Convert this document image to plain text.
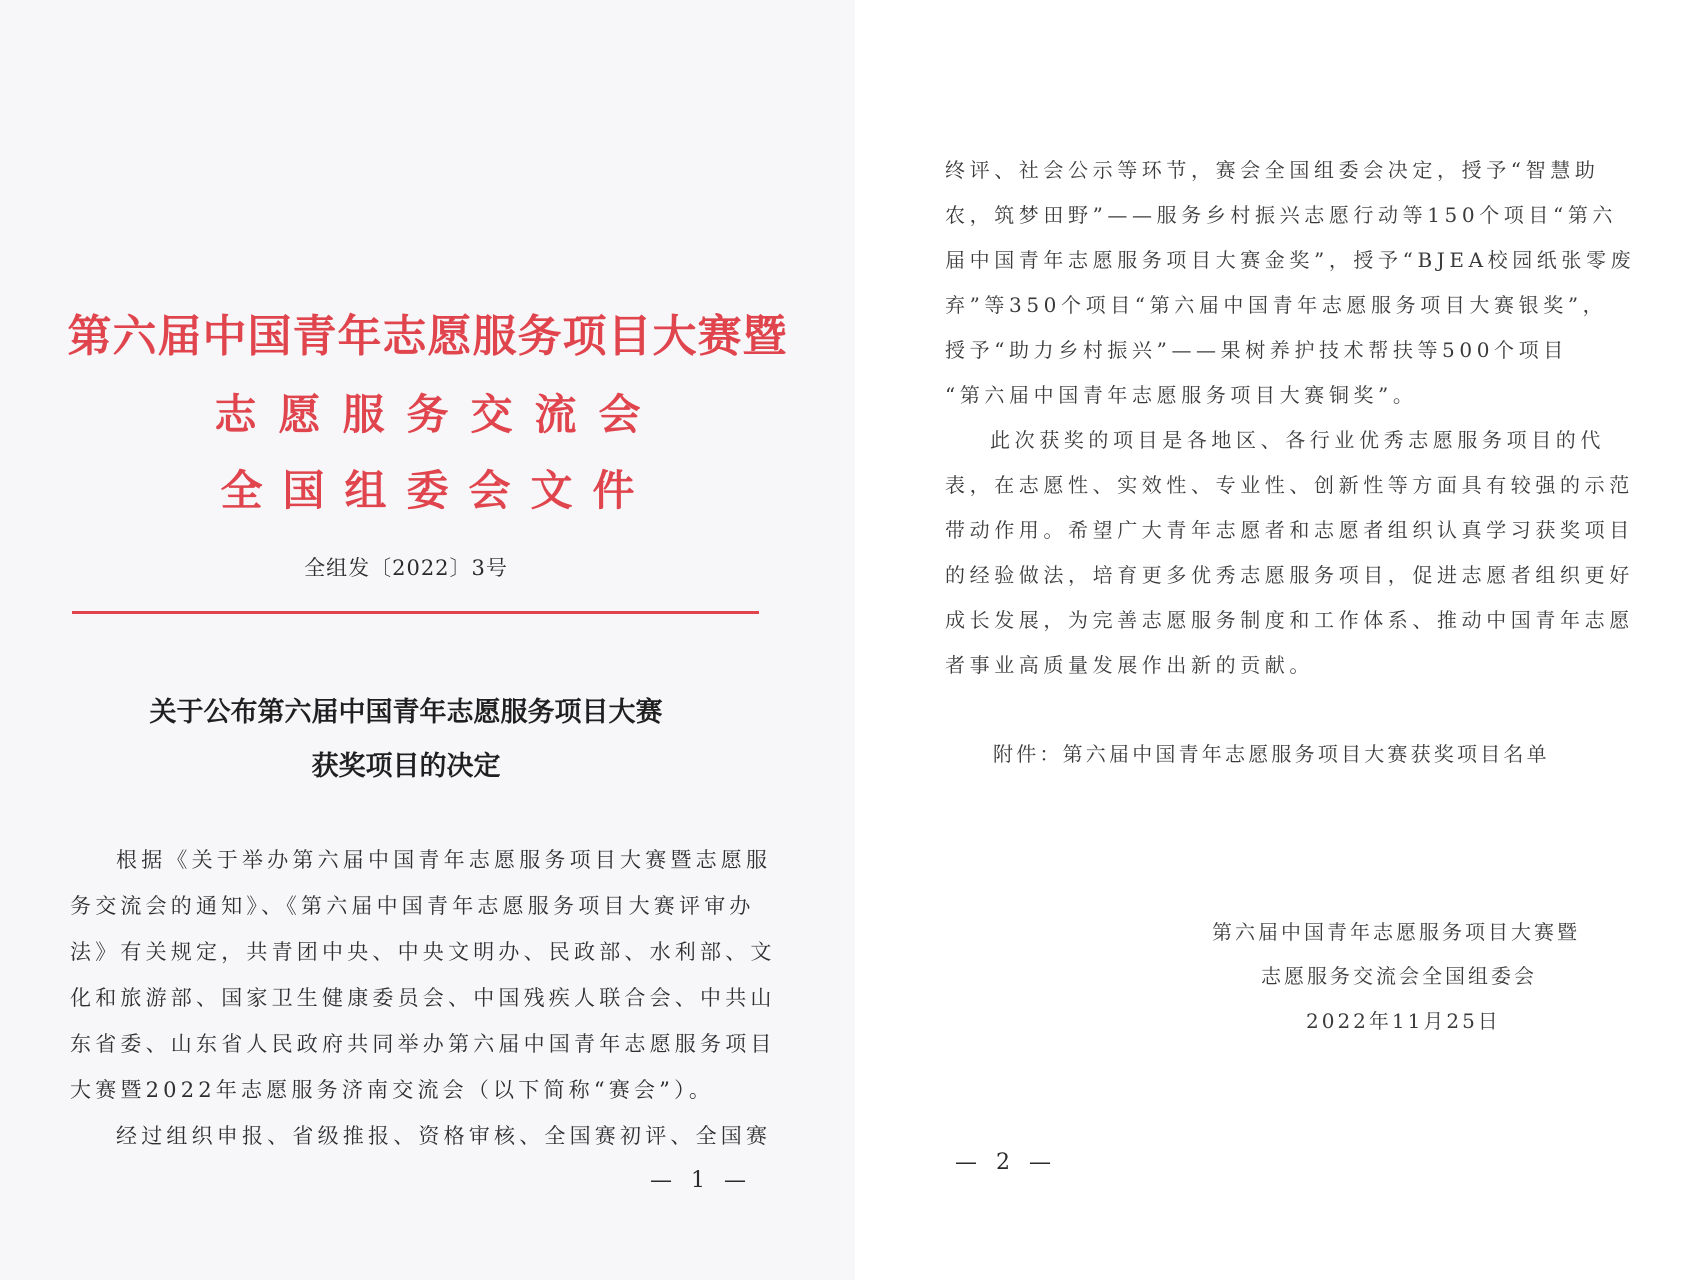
第六届中国青年志愿服务项目大赛暨
志愿服务交流会
全国组委会文件
全组发〔2022〕3号
关于公布第六届中国青年志愿服务项目大赛
获奖项目的决定
根据《关于举办第六届中国青年志愿服务项目大赛暨志愿服
务交流会的通知》、《第六届中国青年志愿服务项目大赛评审办
法》有关规定，共青团中央、中央文明办、民政部、水利部、文
化和旅游部、国家卫生健康委员会、中国残疾人联合会、中共山
东省委、山东省人民政府共同举办第六届中国青年志愿服务项目
大赛暨2022年志愿服务济南交流会（以下简称“赛会”）。
经过组织申报、省级推报、资格审核、全国赛初评、全国赛
— 1 —
终评、社会公示等环节，赛会全国组委会决定，授予“智慧助
农，筑梦田野”——服务乡村振兴志愿行动等150个项目“第六
届中国青年志愿服务项目大赛金奖”，授予“BJEA校园纸张零废
弃”等350个项目“第六届中国青年志愿服务项目大赛银奖”，
授予“助力乡村振兴”——果树养护技术帮扶等500个项目
“第六届中国青年志愿服务项目大赛铜奖”。
此次获奖的项目是各地区、各行业优秀志愿服务项目的代
表，在志愿性、实效性、专业性、创新性等方面具有较强的示范
带动作用。希望广大青年志愿者和志愿者组织认真学习获奖项目
的经验做法，培育更多优秀志愿服务项目，促进志愿者组织更好
成长发展，为完善志愿服务制度和工作体系、推动中国青年志愿
者事业高质量发展作出新的贡献。
附件：第六届中国青年志愿服务项目大赛获奖项目名单
第六届中国青年志愿服务项目大赛暨
志愿服务交流会全国组委会
2022年11月25日
— 2 —
